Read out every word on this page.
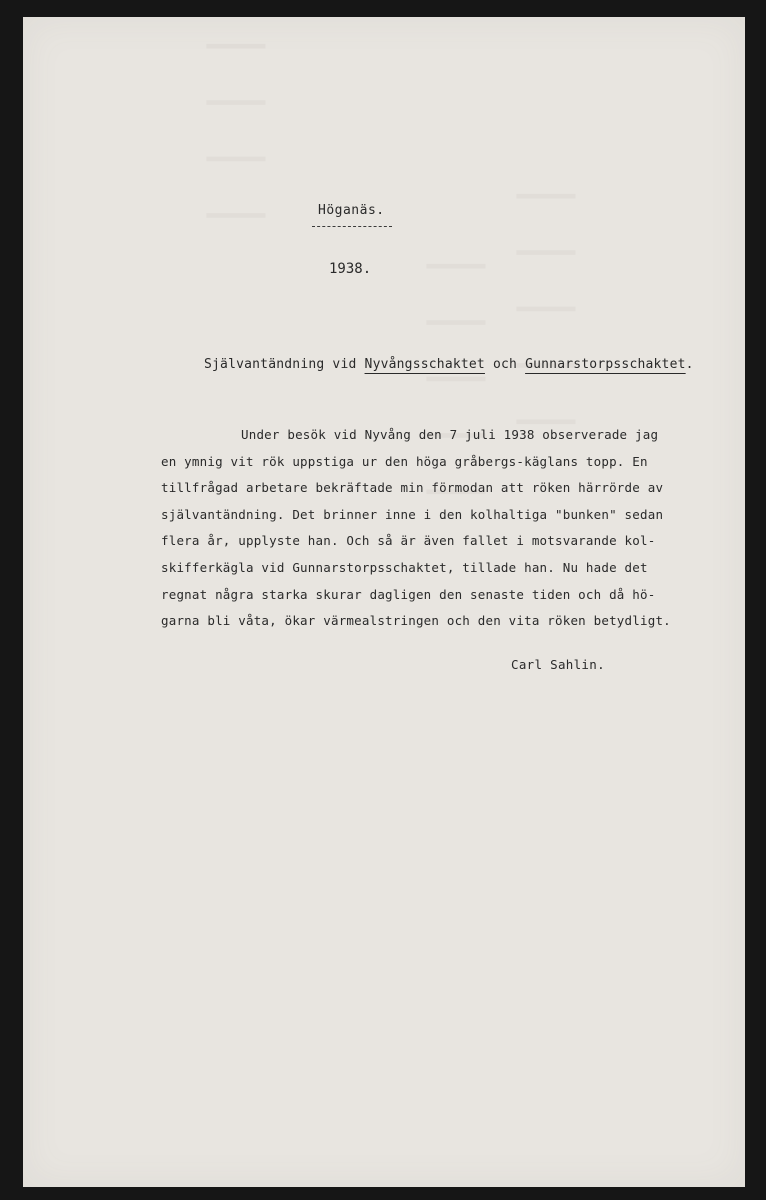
Höganäs.
1938.
Självantändning vid Nyvångsschaktet och Gunnarstorpsschaktet.
Under besök vid Nyvång den 7 juli 1938 observerade jag
en ymnig vit rök uppstiga ur den höga gråbergs-käglans topp. En
tillfrågad arbetare bekräftade min förmodan att röken härrörde av
självantändning. Det brinner inne i den kolhaltiga "bunken" sedan
flera år, upplyste han. Och så är även fallet i motsvarande kol-
skifferkägla vid Gunnarstorpsschaktet, tillade han. Nu hade det
regnat några starka skurar dagligen den senaste tiden och då hö-
garna bli våta, ökar värmealstringen och den vita röken betydligt.
Carl Sahlin.
